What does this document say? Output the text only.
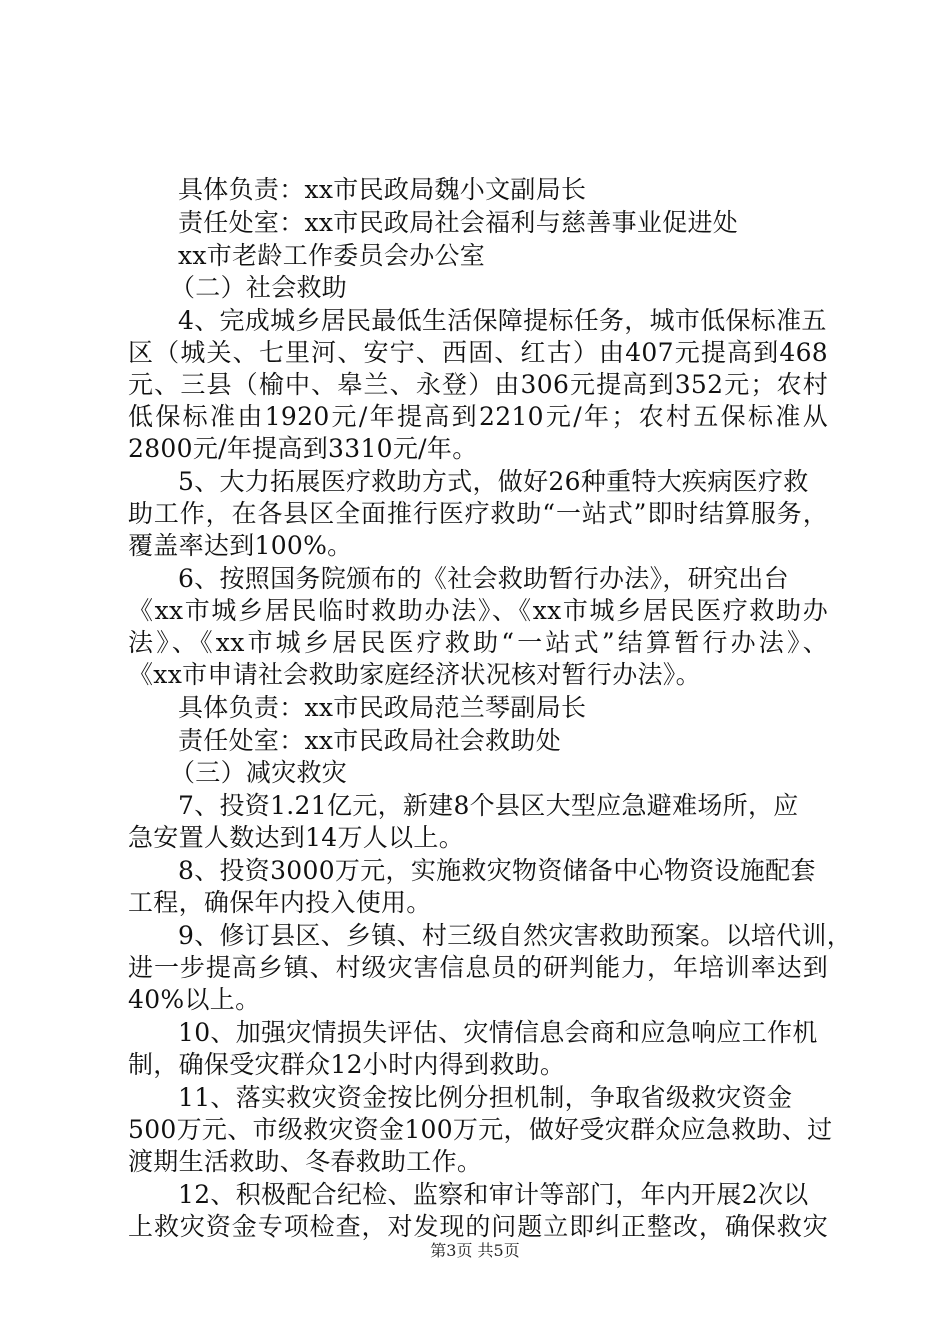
具体负责：xx市民政局魏小文副局长
责任处室：xx市民政局社会福利与慈善事业促进处
xx市老龄工作委员会办公室
（二）社会救助
4、完成城乡居民最低生活保障提标任务，城市低保标准五
区（城关、七里河、安宁、西固、红古）由407元提高到468
元、三县（榆中、皋兰、永登）由306元提高到352元；农村
低保标准由1920元/年提高到2210元/年；农村五保标准从
2800元/年提高到3310元/年。
5、大力拓展医疗救助方式，做好26种重特大疾病医疗救
助工作，在各县区全面推行医疗救助“一站式”即时结算服务，
覆盖率达到100%。
6、按照国务院颁布的《社会救助暂行办法》，研究出台
《xx市城乡居民临时救助办法》、《xx市城乡居民医疗救助办
法》、《xx市城乡居民医疗救助“一站式”结算暂行办法》、
《xx市申请社会救助家庭经济状况核对暂行办法》。
具体负责：xx市民政局范兰琴副局长
责任处室：xx市民政局社会救助处
（三）减灾救灾
7、投资1.21亿元，新建8个县区大型应急避难场所，应
急安置人数达到14万人以上。
8、投资3000万元，实施救灾物资储备中心物资设施配套
工程，确保年内投入使用。
9、修订县区、乡镇、村三级自然灾害救助预案。以培代训，
进一步提高乡镇、村级灾害信息员的研判能力，年培训率达到
40%以上。
10、加强灾情损失评估、灾情信息会商和应急响应工作机
制，确保受灾群众12小时内得到救助。
11、落实救灾资金按比例分担机制，争取省级救灾资金
500万元、市级救灾资金100万元，做好受灾群众应急救助、过
渡期生活救助、冬春救助工作。
12、积极配合纪检、监察和审计等部门，年内开展2次以
上救灾资金专项检查，对发现的问题立即纠正整改，确保救灾
第3页 共5页
